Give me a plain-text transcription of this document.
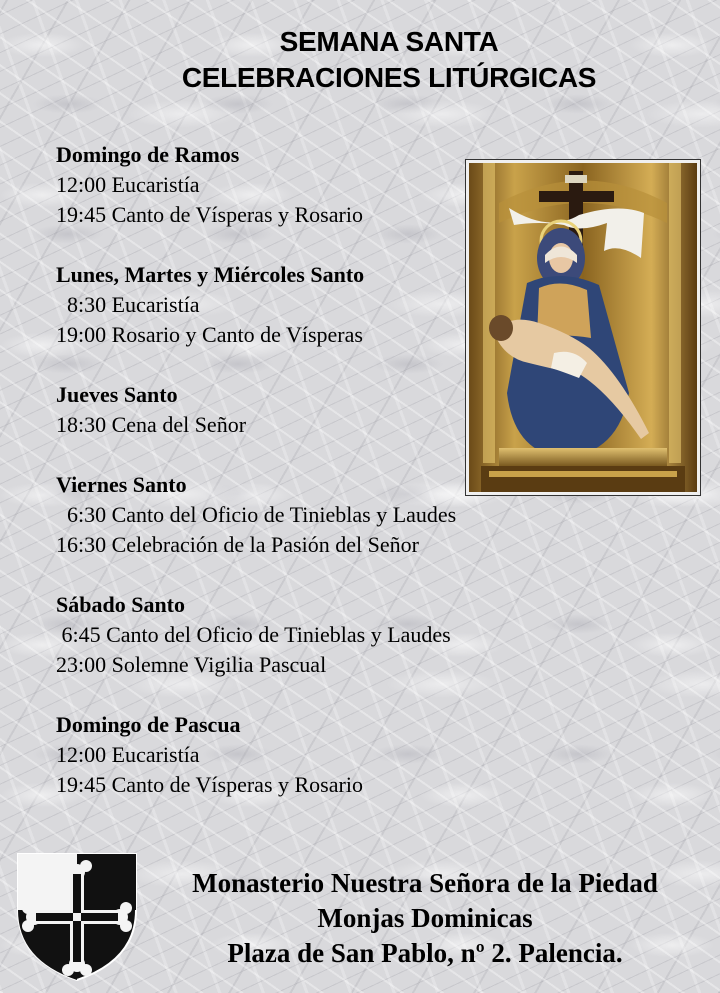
SEMANA SANTA
CELEBRACIONES LITÚRGICAS
Domingo de Ramos
12:00 Eucaristía
19:45 Canto de Vísperas y Rosario
Lunes, Martes y Miércoles Santo
8:30 Eucaristía
19:00 Rosario y Canto de Vísperas
Jueves Santo
18:30 Cena del Señor
Viernes Santo
6:30 Canto del Oficio de Tinieblas y Laudes
16:30 Celebración de la Pasión del Señor
Sábado Santo
6:45 Canto del Oficio de Tinieblas y Laudes
23:00 Solemne Vigilia Pascual
Domingo de Pascua
12:00 Eucaristía
19:45 Canto de Vísperas y Rosario
Monasterio Nuestra Señora de la Piedad
Monjas Dominicas
Plaza de San Pablo, nº 2. Palencia.
